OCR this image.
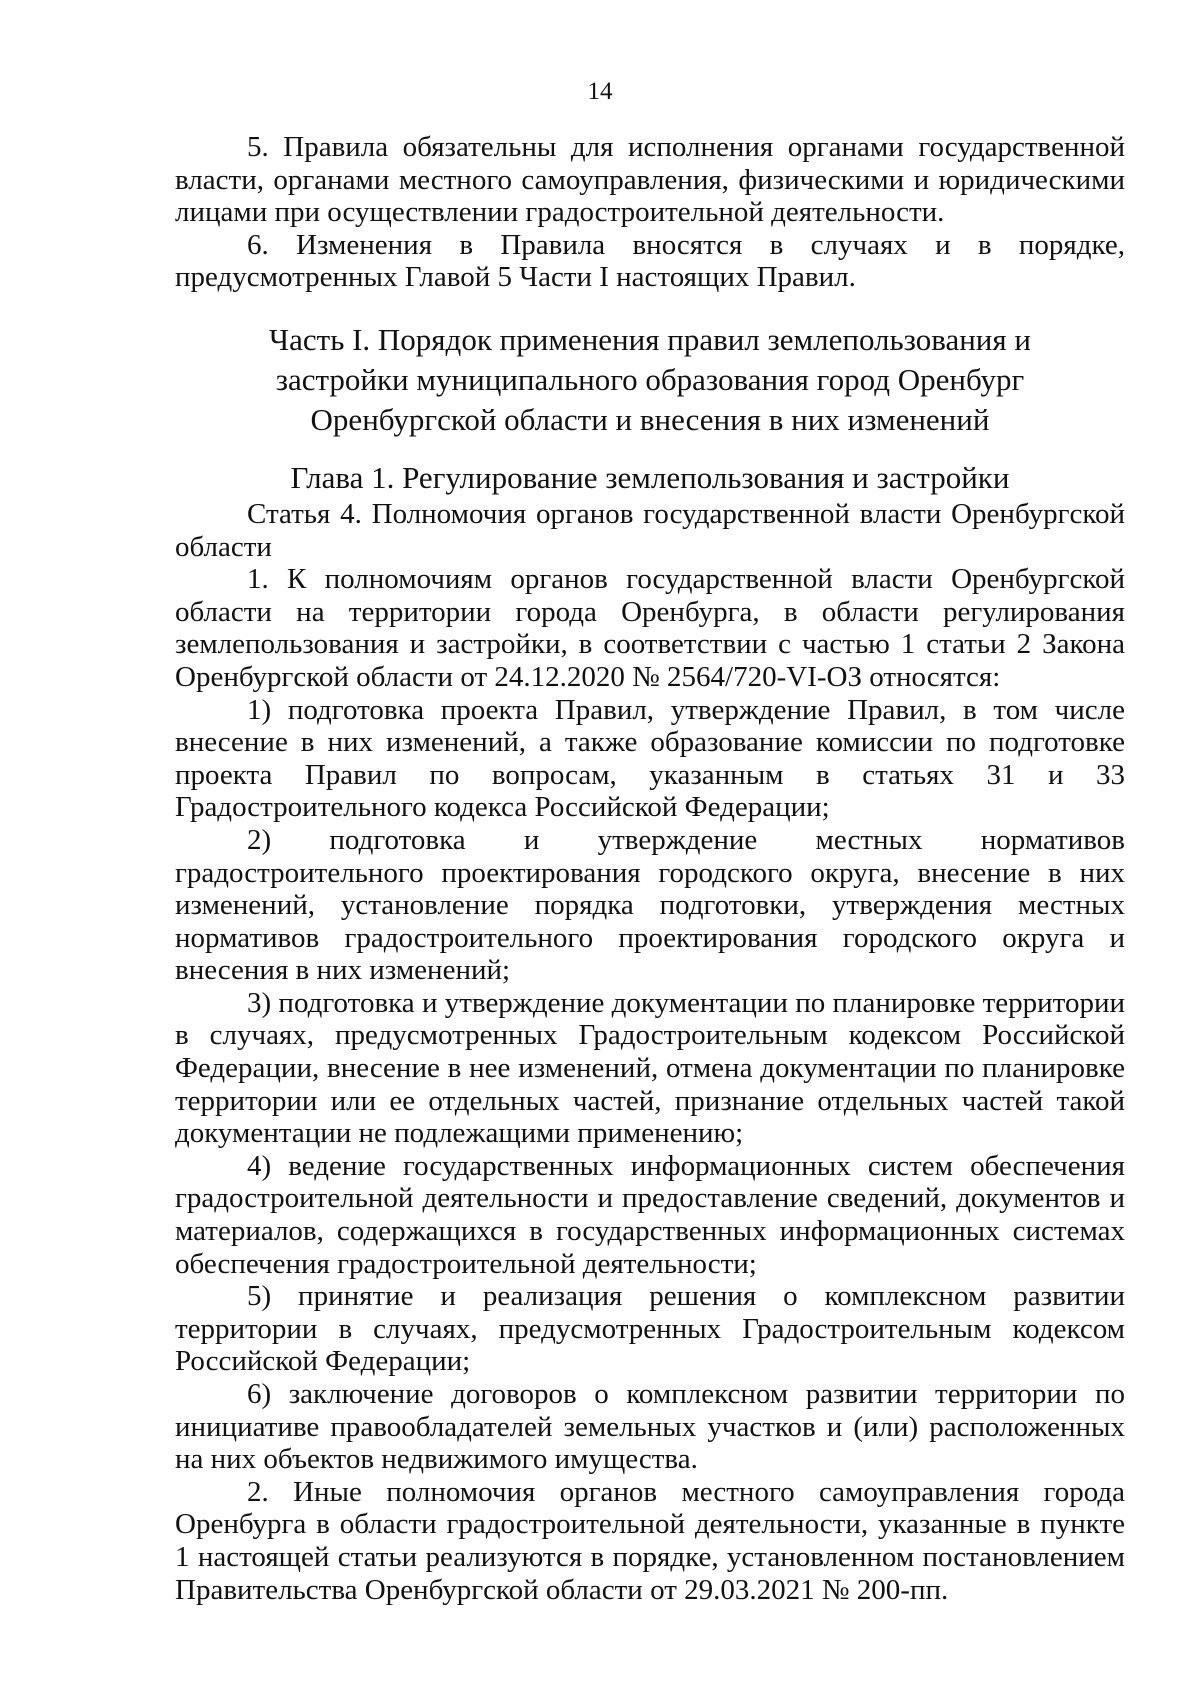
14

5. Правила обязательны для исполнения органами государственной власти, органами местного самоуправления, физическими и юридическими лицами при осуществлении градостроительной деятельности.

6. Изменения в Правила вносятся в случаях и в порядке, предусмотренных Главой 5 Части I настоящих Правил.

Часть I. Порядок применения правил землепользования и
застройки муниципального образования город Оренбург
Оренбургской области и внесения в них изменений
Глава 1. Регулирование землепользования и застройки

Статья 4. Полномочия органов государственной власти Оренбургской области

1. К полномочиям органов государственной власти Оренбургской области на территории города Оренбурга, в области регулирования землепользования и застройки, в соответствии с частью 1 статьи 2 Закона Оренбургской области от 24.12.2020 № 2564/720-VI-ОЗ относятся:

1) подготовка проекта Правил, утверждение Правил, в том числе внесение в них изменений, а также образование комиссии по подготовке проекта Правил по вопросам, указанным в статьях 31 и 33 Градостроительного кодекса Российской Федерации;

2) подготовка и утверждение местных нормативов градостроительного проектирования городского округа, внесение в них изменений, установление порядка подготовки, утверждения местных нормативов градостроительного проектирования городского округа и внесения в них изменений;

3) подготовка и утверждение документации по планировке территории в случаях, предусмотренных Градостроительным кодексом Российской Федерации, внесение в нее изменений, отмена документации по планировке территории или ее отдельных частей, признание отдельных частей такой документации не подлежащими применению;

4) ведение государственных информационных систем обеспечения градостроительной деятельности и предоставление сведений, документов и материалов, содержащихся в государственных информационных системах обеспечения градостроительной деятельности;

5) принятие и реализация решения о комплексном развитии территории в случаях, предусмотренных Градостроительным кодексом Российской Федерации;

6) заключение договоров о комплексном развитии территории по инициативе правообладателей земельных участков и (или) расположенных на них объектов недвижимого имущества.

2. Иные полномочия органов местного самоуправления города Оренбурга в области градостроительной деятельности, указанные в пункте 1 настоящей статьи реализуются в порядке, установленном постановлением Правительства Оренбургской области от 29.03.2021 № 200-пп.
